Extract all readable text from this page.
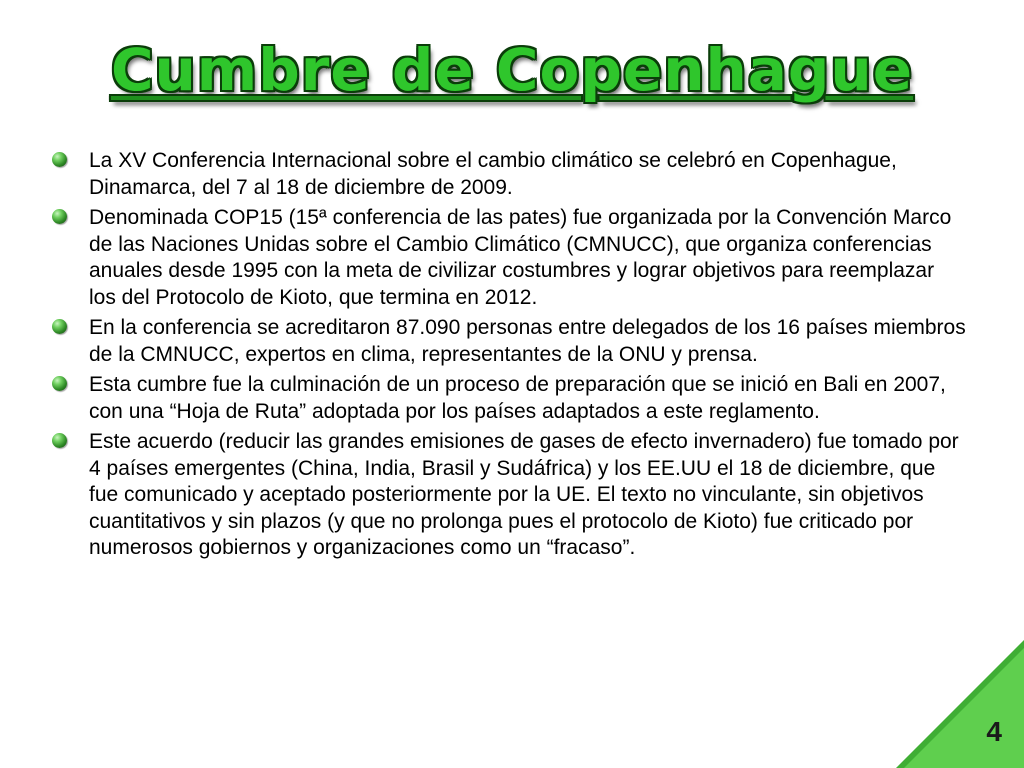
Cumbre de Copenhague
La XV Conferencia Internacional sobre el cambio climático se celebró en Copenhague, Dinamarca, del 7 al 18 de diciembre de 2009.
Denominada COP15 (15ª conferencia de las pates) fue organizada por la Convención Marco de las Naciones Unidas sobre el Cambio Climático (CMNUCC), que organiza conferencias anuales desde 1995 con la meta de civilizar costumbres y lograr objetivos para reemplazar los del Protocolo de Kioto, que termina en 2012.
En la conferencia se acreditaron 87.090 personas entre delegados de los 16 países miembros de la CMNUCC, expertos en clima, representantes de la ONU y prensa.
Esta cumbre fue la culminación de un proceso de preparación que se inició en Bali en 2007, con una “Hoja de Ruta” adoptada por los países adaptados a este reglamento.
Este acuerdo (reducir las grandes emisiones de gases de efecto invernadero) fue tomado por 4 países emergentes (China, India, Brasil y Sudáfrica) y los EE.UU el 18 de diciembre, que fue comunicado y aceptado posteriormente por la UE. El texto no vinculante, sin objetivos cuantitativos y sin plazos (y que no prolonga pues el protocolo de Kioto) fue criticado por numerosos gobiernos y organizaciones como un “fracaso”.
4
